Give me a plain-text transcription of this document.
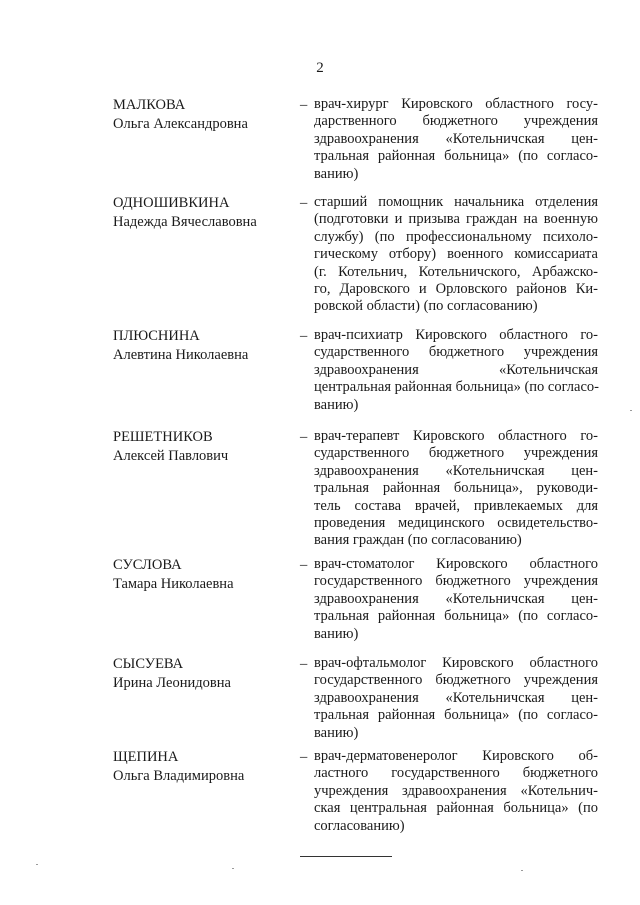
2
МАЛКОВА
Ольга Александровна
– врач-хирург Кировского областного госу-
дарственного бюджетного учреждения
здравоохранения «Котельничская цен-
тральная районная больница» (по согласо-
ванию)
ОДНОШИВКИНА
Надежда Вячеславовна
– старший помощник начальника отделения
(подготовки и призыва граждан на военную
службу) (по профессиональному психоло-
гическому отбору) военного комиссариата
(г. Котельнич, Котельничского, Арбажско-
го, Даровского и Орловского районов Ки-
ровской области) (по согласованию)
ПЛЮСНИНА
Алевтина Николаевна
– врач-психиатр Кировского областного го-
сударственного бюджетного учреждения
здравоохранения «Котельничская
центральная районная больница» (по согласо-
ванию)
РЕШЕТНИКОВ
Алексей Павлович
– врач-терапевт Кировского областного го-
сударственного бюджетного учреждения
здравоохранения «Котельничская цен-
тральная районная больница», руководи-
тель состава врачей, привлекаемых для
проведения медицинского освидетельство-
вания граждан (по согласованию)
СУСЛОВА
Тамара Николаевна
– врач-стоматолог Кировского областного
государственного бюджетного учреждения
здравоохранения «Котельничская цен-
тральная районная больница» (по согласо-
ванию)
СЫСУЕВА
Ирина Леонидовна
– врач-офтальмолог Кировского областного
государственного бюджетного учреждения
здравоохранения «Котельничская цен-
тральная районная больница» (по согласо-
ванию)
ЩЕПИНА
Ольга Владимировна
– врач-дерматовенеролог Кировского об-
ластного государственного бюджетного
учреждения здравоохранения «Котельнич-
ская центральная районная больница» (по
согласованию)
